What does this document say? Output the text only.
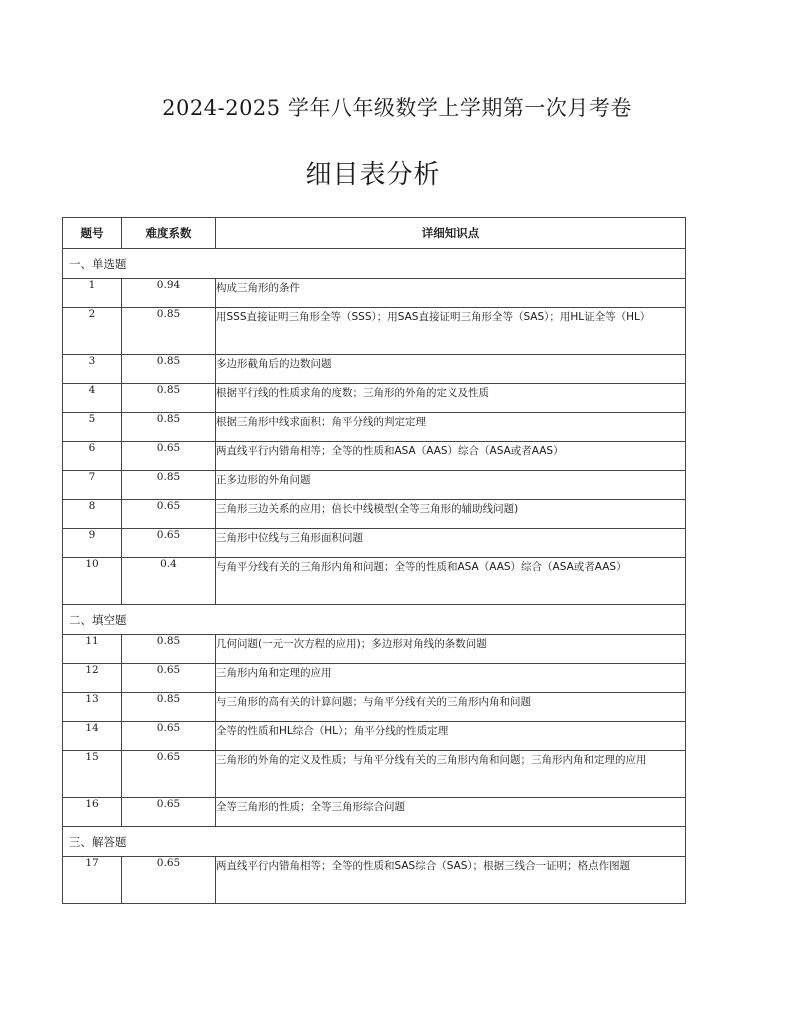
2024-2025 学年八年级数学上学期第一次月考卷
细目表分析
题号	难度系数	详细知识点
一、单选题		
1	0.94	构成三角形的条件
2	0.85	用SSS直接证明三角形全等（SSS）；用SAS直接证明三角形全等（SAS）；用HL证全等（HL）
3	0.85	多边形截角后的边数问题
4	0.85	根据平行线的性质求角的度数；三角形的外角的定义及性质
5	0.85	根据三角形中线求面积；角平分线的判定定理
6	0.65	两直线平行内错角相等；全等的性质和ASA（AAS）综合（ASA或者AAS）
7	0.85	正多边形的外角问题
8	0.65	三角形三边关系的应用；倍长中线模型(全等三角形的辅助线问题)
9	0.65	三角形中位线与三角形面积问题
10	0.4	与角平分线有关的三角形内角和问题；全等的性质和ASA（AAS）综合（ASA或者AAS）
二、填空题		
11	0.85	几何问题(一元一次方程的应用)；多边形对角线的条数问题
12	0.65	三角形内角和定理的应用
13	0.85	与三角形的高有关的计算问题；与角平分线有关的三角形内角和问题
14	0.65	全等的性质和HL综合（HL）；角平分线的性质定理
15	0.65	三角形的外角的定义及性质；与角平分线有关的三角形内角和问题；三角形内角和定理的应用
16	0.65	全等三角形的性质；全等三角形综合问题
三、解答题		
17	0.65	两直线平行内错角相等；全等的性质和SAS综合（SAS）；根据三线合一证明；格点作图题
